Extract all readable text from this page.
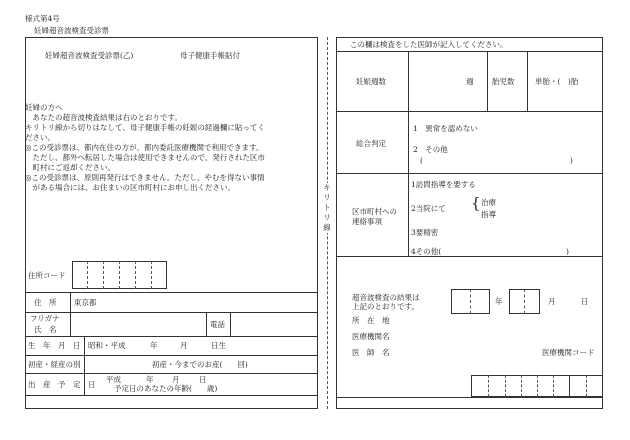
様式第4号
妊婦超音波検査受診票
妊婦超音波検査受診票(乙)	母子健康手帳貼付

妊婦の方へ

　あなたの超音波検査結果は右のとおりです。

キリトリ線から切りはなして、母子健康手帳の妊娠の経過欄に貼ってく

ださい。

◎この受診票は、都内在住の方が、都内委託医療機関で利用できます。

　ただし、都外へ転居した場合は使用できませんので、発行された区市

　町村にご返却ください。

◎この受診票は、原則再発行はできません。ただし、やむを得ない事情

　がある場合には、お住まいの区市町村にお申し出ください。

住所コード
住　所 東京都
フリガナ
氏　名
電話
生　年　月　日 昭和・平成	年	月	日生
初産・経産の別	初産・今までのお産(　　回)
出　産　予　定　日
平成	年 月	日
予定日のあなたの年齢(　　歳)
キリトリ線
この欄は検査をした医師が記入してください。
妊娠週数	週 胎児数	単胎・(　)胎
総合判定
1　異常を認めない
2　その他
(	)
区市町村への
連絡事項
1訪問指導を要する
2当院にて { 治療
指導
3要精密
4その他(	)
超音波検査の結果は
上記のとおりです。
年	月	日
所　在　地
医療機関名
医　師　名	医療機関コード
